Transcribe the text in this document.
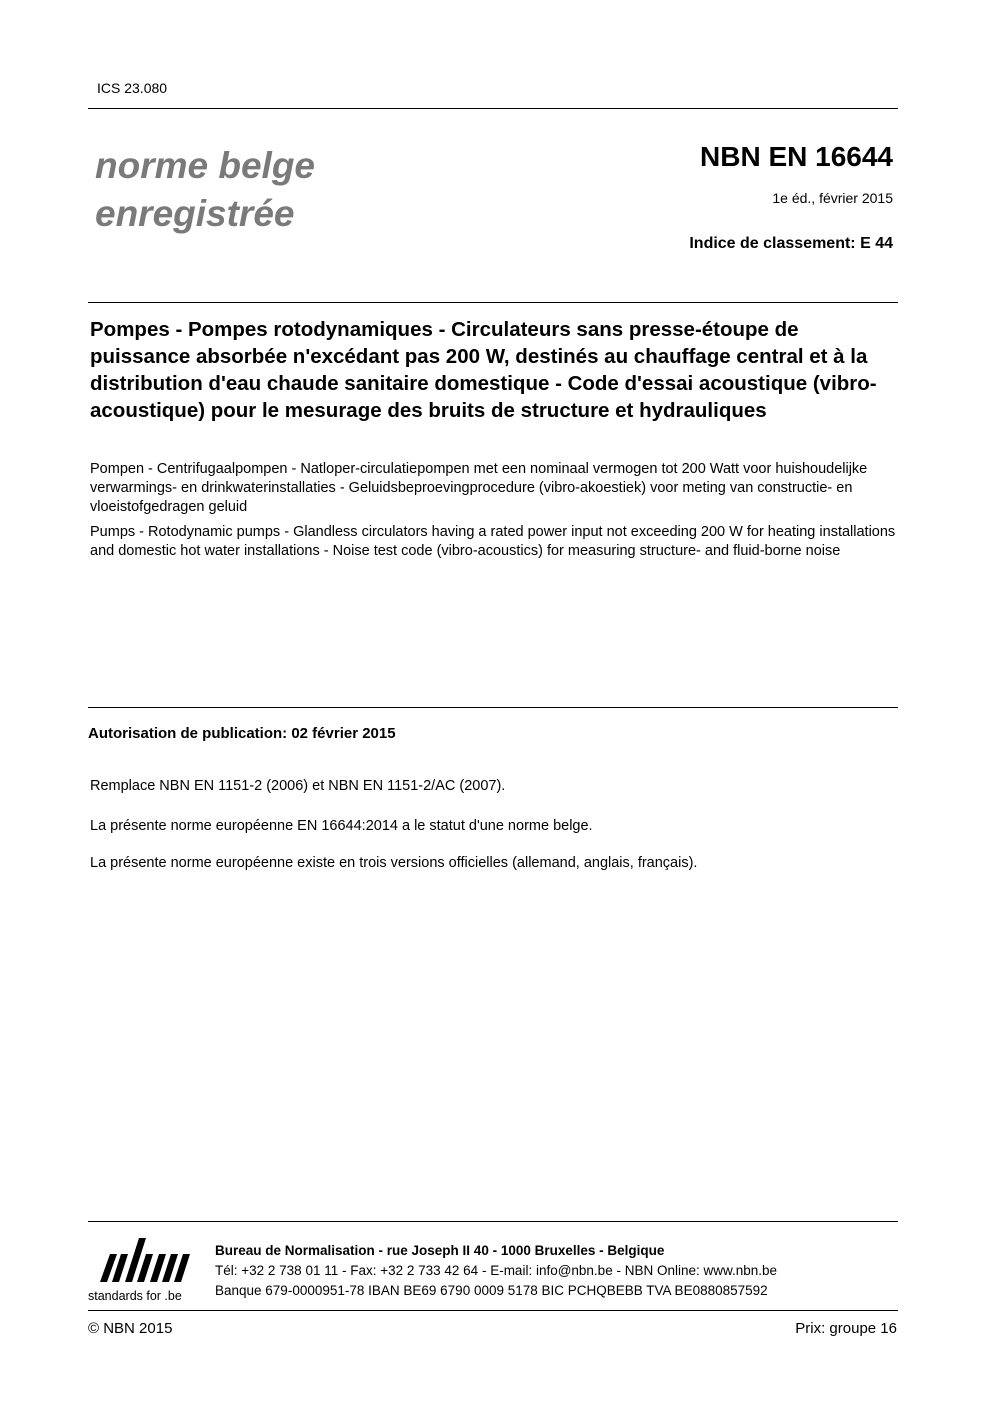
ICS 23.080
norme belge
enregistrée
NBN EN 16644
1e éd., février 2015
Indice de classement: E 44
Pompes - Pompes rotodynamiques - Circulateurs sans presse-étoupe de puissance absorbée n'excédant pas 200 W, destinés au chauffage central et à la distribution d'eau chaude sanitaire domestique - Code d'essai acoustique (vibro-acoustique) pour le mesurage des bruits de structure et hydrauliques
Pompen - Centrifugaalpompen - Natloper-circulatiepompen met een nominaal vermogen tot 200 Watt voor huishoudelijke verwarmings- en drinkwaterinstallaties - Geluidsbeproevingprocedure (vibro-akoestiek) voor meting van constructie- en vloeistofgedragen geluid
Pumps - Rotodynamic pumps - Glandless circulators having a rated power input not exceeding 200 W for heating installations and domestic hot water installations - Noise test code (vibro-acoustics) for measuring structure- and fluid-borne noise
Autorisation de publication: 02 février 2015
Remplace NBN EN 1151-2 (2006) et NBN EN 1151-2/AC (2007).
La présente norme européenne EN 16644:2014 a le statut d'une norme belge.
La présente norme européenne existe en trois versions officielles (allemand, anglais, français).
standards for .be
Bureau de Normalisation - rue Joseph II 40 - 1000 Bruxelles - Belgique
Tél: +32 2 738 01 11 - Fax: +32 2 733 42 64 - E-mail: info@nbn.be - NBN Online: www.nbn.be
Banque 679-0000951-78 IBAN BE69 6790 0009 5178 BIC PCHQBEBB TVA BE0880857592
© NBN 2015	Prix: groupe 16
